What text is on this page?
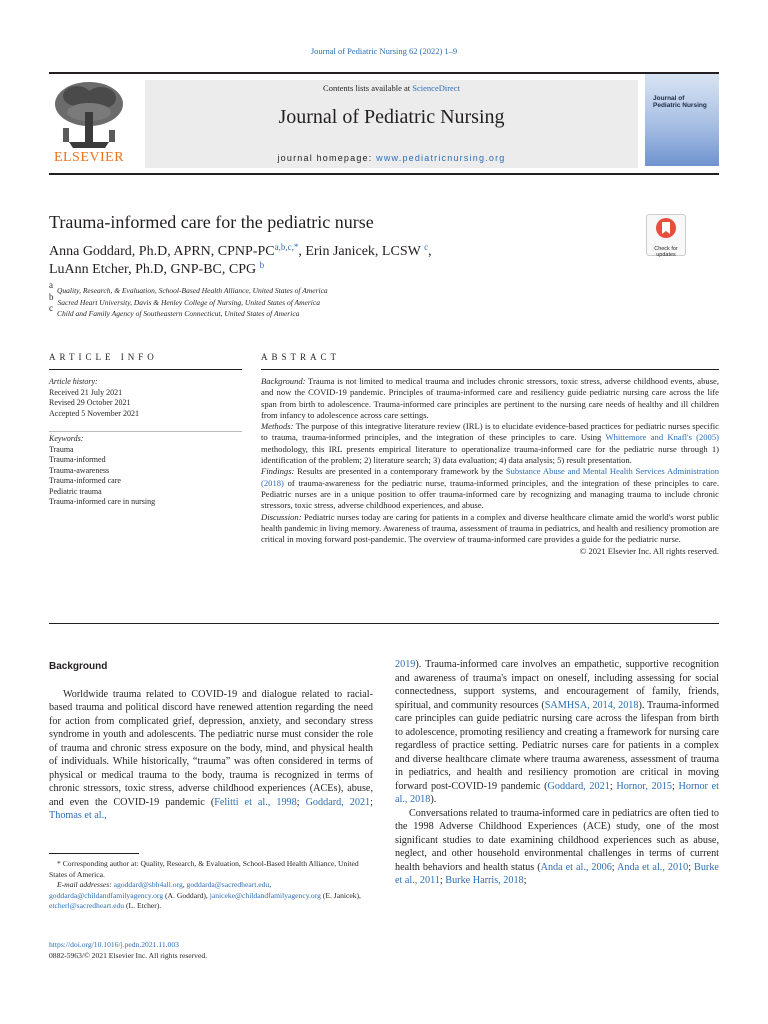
Journal of Pediatric Nursing 62 (2022) 1–9
ELSEVIER
Contents lists available at ScienceDirect
Journal of Pediatric Nursing
journal homepage: www.pediatricnursing.org
Journal of Pediatric Nursing
Trauma-informed care for the pediatric nurse
Check for updates
Anna Goddard, Ph.D, APRN, CPNP-$PC^{a,b,c,*}$, Erin Janicek, LCSW $^c$,
LuAnn Etcher, Ph.D, GNP-BC, CPG $^b$
$^a$Quality, Research, & Evaluation, School-Based Health Alliance, United States of America
$^b$Sacred Heart University, Davis & Henley College of Nursing, United States of America
$^c$Child and Family Agency of Southeastern Connecticut, United States of America
ARTICLE INFO	ABSTRACT
Article history:
Received 21 July 2021
Revised 29 October 2021
Accepted 5 November 2021
Keywords:
Trauma
Trauma-informed
Trauma-awareness
Trauma-informed care
Pediatric trauma
Trauma-informed care in nursing

Background: Trauma is not limited to medical trauma and includes chronic stressors, toxic stress, adverse childhood events, abuse, and now the COVID-19 pandemic. Principles of trauma-informed care and resiliency guide pediatric nursing care across the life span from birth to adolescence. Trauma-informed care principles are pertinent to the nursing care needs of healthy and ill children from infancy to adolescence across care settings.

Methods: The purpose of this integrative literature review (IRL) is to elucidate evidence-based practices for pediatric nurses specific to trauma, trauma-informed principles, and the integration of these principles to care. Using Whittemore and Knafl's (2005) methodology, this IRL presents empirical literature to operationalize trauma-informed care for the pediatric nurse through 1) identification of the problem; 2) literature search; 3) data evaluation; 4) data analysis; 5) result presentation.

Findings: Results are presented in a contemporary framework by the Substance Abuse and Mental Health Services Administration (2018) of trauma-awareness for the pediatric nurse, trauma-informed principles, and the integration of these principles to care. Pediatric nurses are in a unique position to offer trauma-informed care by recognizing and managing trauma to include chronic stressors, toxic stress, adverse childhood experiences, and abuse.

Discussion: Pediatric nurses today are caring for patients in a complex and diverse healthcare climate amid the world's worst public health pandemic in living memory. Awareness of trauma, assessment of trauma in pediatrics, and health and resiliency promotion are critical in moving forward post-pandemic. The overview of trauma-informed care provides a guide for the pediatric nurse.

© 2021 Elsevier Inc. All rights reserved.

Background

Worldwide trauma related to COVID-19 and dialogue related to racial-based trauma and political discord have renewed attention regarding the need for action from complicated grief, depression, anxiety, and secondary stress syndrome in youth and adolescents. The pediatric nurse must consider the role of trauma and chronic stress exposure on the body, mind, and physical health of individuals. While historically, “trauma” was often considered in terms of physical or medical trauma to the body, trauma is recognized in terms of chronic stressors, toxic stress, adverse childhood experiences (ACEs), abuse, and even the COVID-19 pandemic (Felitti et al., 1998; Goddard, 2021; Thomas et al.,

2019). Trauma-informed care involves an empathetic, supportive recognition and awareness of trauma's impact on oneself, including assessing for social connectedness, support systems, and encouragement of family, friends, spiritual, and community resources (SAMHSA, 2014, 2018). Trauma-informed care principles can guide pediatric nursing care across the lifespan from birth to adolescence, promoting resiliency and creating a framework for nursing care regardless of practice setting. Pediatric nurses care for patients in a complex and diverse healthcare climate where trauma awareness, assessment of trauma in pediatrics, and health and resiliency promotion are critical in moving forward post-COVID-19 pandemic (Goddard, 2021; Hornor, 2015; Hornor et al., 2018).

Conversations related to trauma-informed care in pediatrics are often tied to the 1998 Adverse Childhood Experiences (ACE) study, one of the most significant studies to date examining childhood experiences such as abuse, neglect, and other household environmental challenges in terms of current health behaviors and health status (Anda et al., 2006; Anda et al., 2010; Burke et al., 2011; Burke Harris, 2018;

* Corresponding author at: Quality, Research, & Evaluation, School-Based Health Alliance, United States of America.

E-mail addresses: agoddard@sbh4all.org, goddarda@sacredheart.edu, goddarda@childandfamilyagency.org (A. Goddard), janiceke@childandfamilyagency.org (E. Janicek), etcherl@sacredheart.edu (L. Etcher).

https://doi.org/10.1016/j.pedn.2021.11.003
0882-5963/© 2021 Elsevier Inc. All rights reserved.
